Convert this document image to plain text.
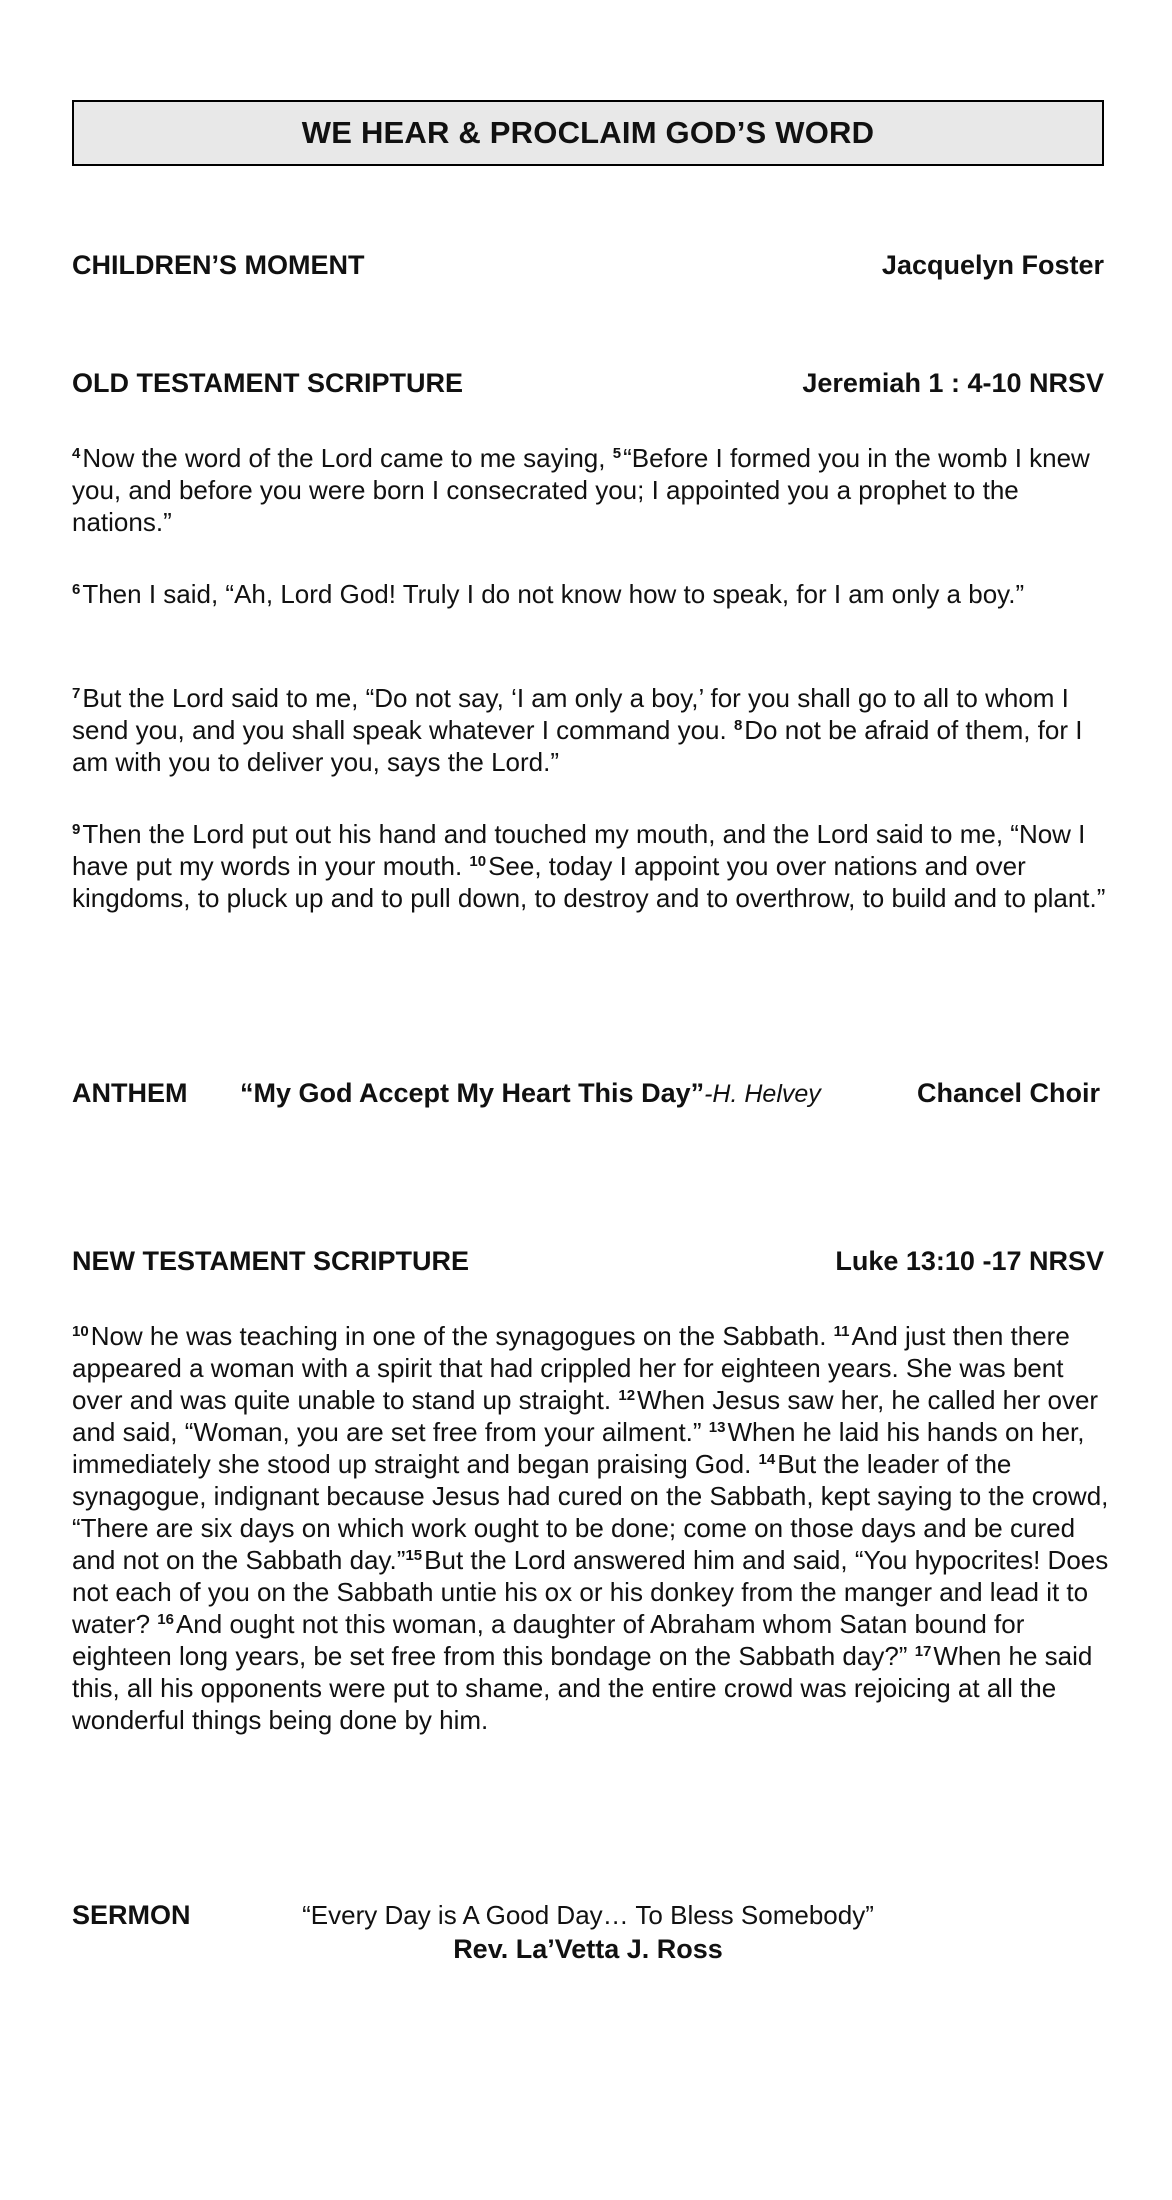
WE HEAR & PROCLAIM GOD’S WORD
CHILDREN’S MOMENT	Jacquelyn Foster
OLD TESTAMENT SCRIPTURE	Jeremiah 1 : 4-10 NRSV

$^4$Now the word of the Lord came to me saying, $^5$“Before I formed you in the womb I knew you, and before you were born I consecrated you; I appointed you a prophet to the nations.”

$^6$Then I said, “Ah, Lord God! Truly I do not know how to speak, for I am only a boy.”

$^7$But the Lord said to me, “Do not say, ‘I am only a boy,’ for you shall go to all to whom I send you, and you shall speak whatever I command you. $^8$Do not be afraid of them, for I am with you to deliver you, says the Lord.”

$^9$Then the Lord put out his hand and touched my mouth, and the Lord said to me, “Now I have put my words in your mouth. $^{10}$See, today I appoint you over nations and over kingdoms, to pluck up and to pull down, to destroy and to overthrow, to build and to plant.”

ANTHEM “My God Accept My Heart This Day”-H. Helvey	Chancel Choir
NEW TESTAMENT SCRIPTURE	Luke 13:10 -17 NRSV

$^{10}$Now he was teaching in one of the synagogues on the Sabbath. $^{11}$And just then there appeared a woman with a spirit that had crippled her for eighteen years. She was bent over and was quite unable to stand up straight. $^{12}$When Jesus saw her, he called her over and said, “Woman, you are set free from your ailment.” $^{13}$When he laid his hands on her, immediately she stood up straight and began praising God. $^{14}$But the leader of the synagogue, indignant because Jesus had cured on the Sabbath, kept saying to the crowd, “There are six days on which work ought to be done; come on those days and be cured and not on the Sabbath day.”$^{15}$But the Lord answered him and said, “You hypocrites! Does not each of you on the Sabbath untie his ox or his donkey from the manger and lead it to water? $^{16}$And ought not this woman, a daughter of Abraham whom Satan bound for eighteen long years, be set free from this bondage on the Sabbath day?” $^{17}$When he said this, all his opponents were put to shame, and the entire crowd was rejoicing at all the wonderful things being done by him.

SERMON	“Every Day is A Good Day… To Bless Somebody”
Rev. La’Vetta J. Ross
